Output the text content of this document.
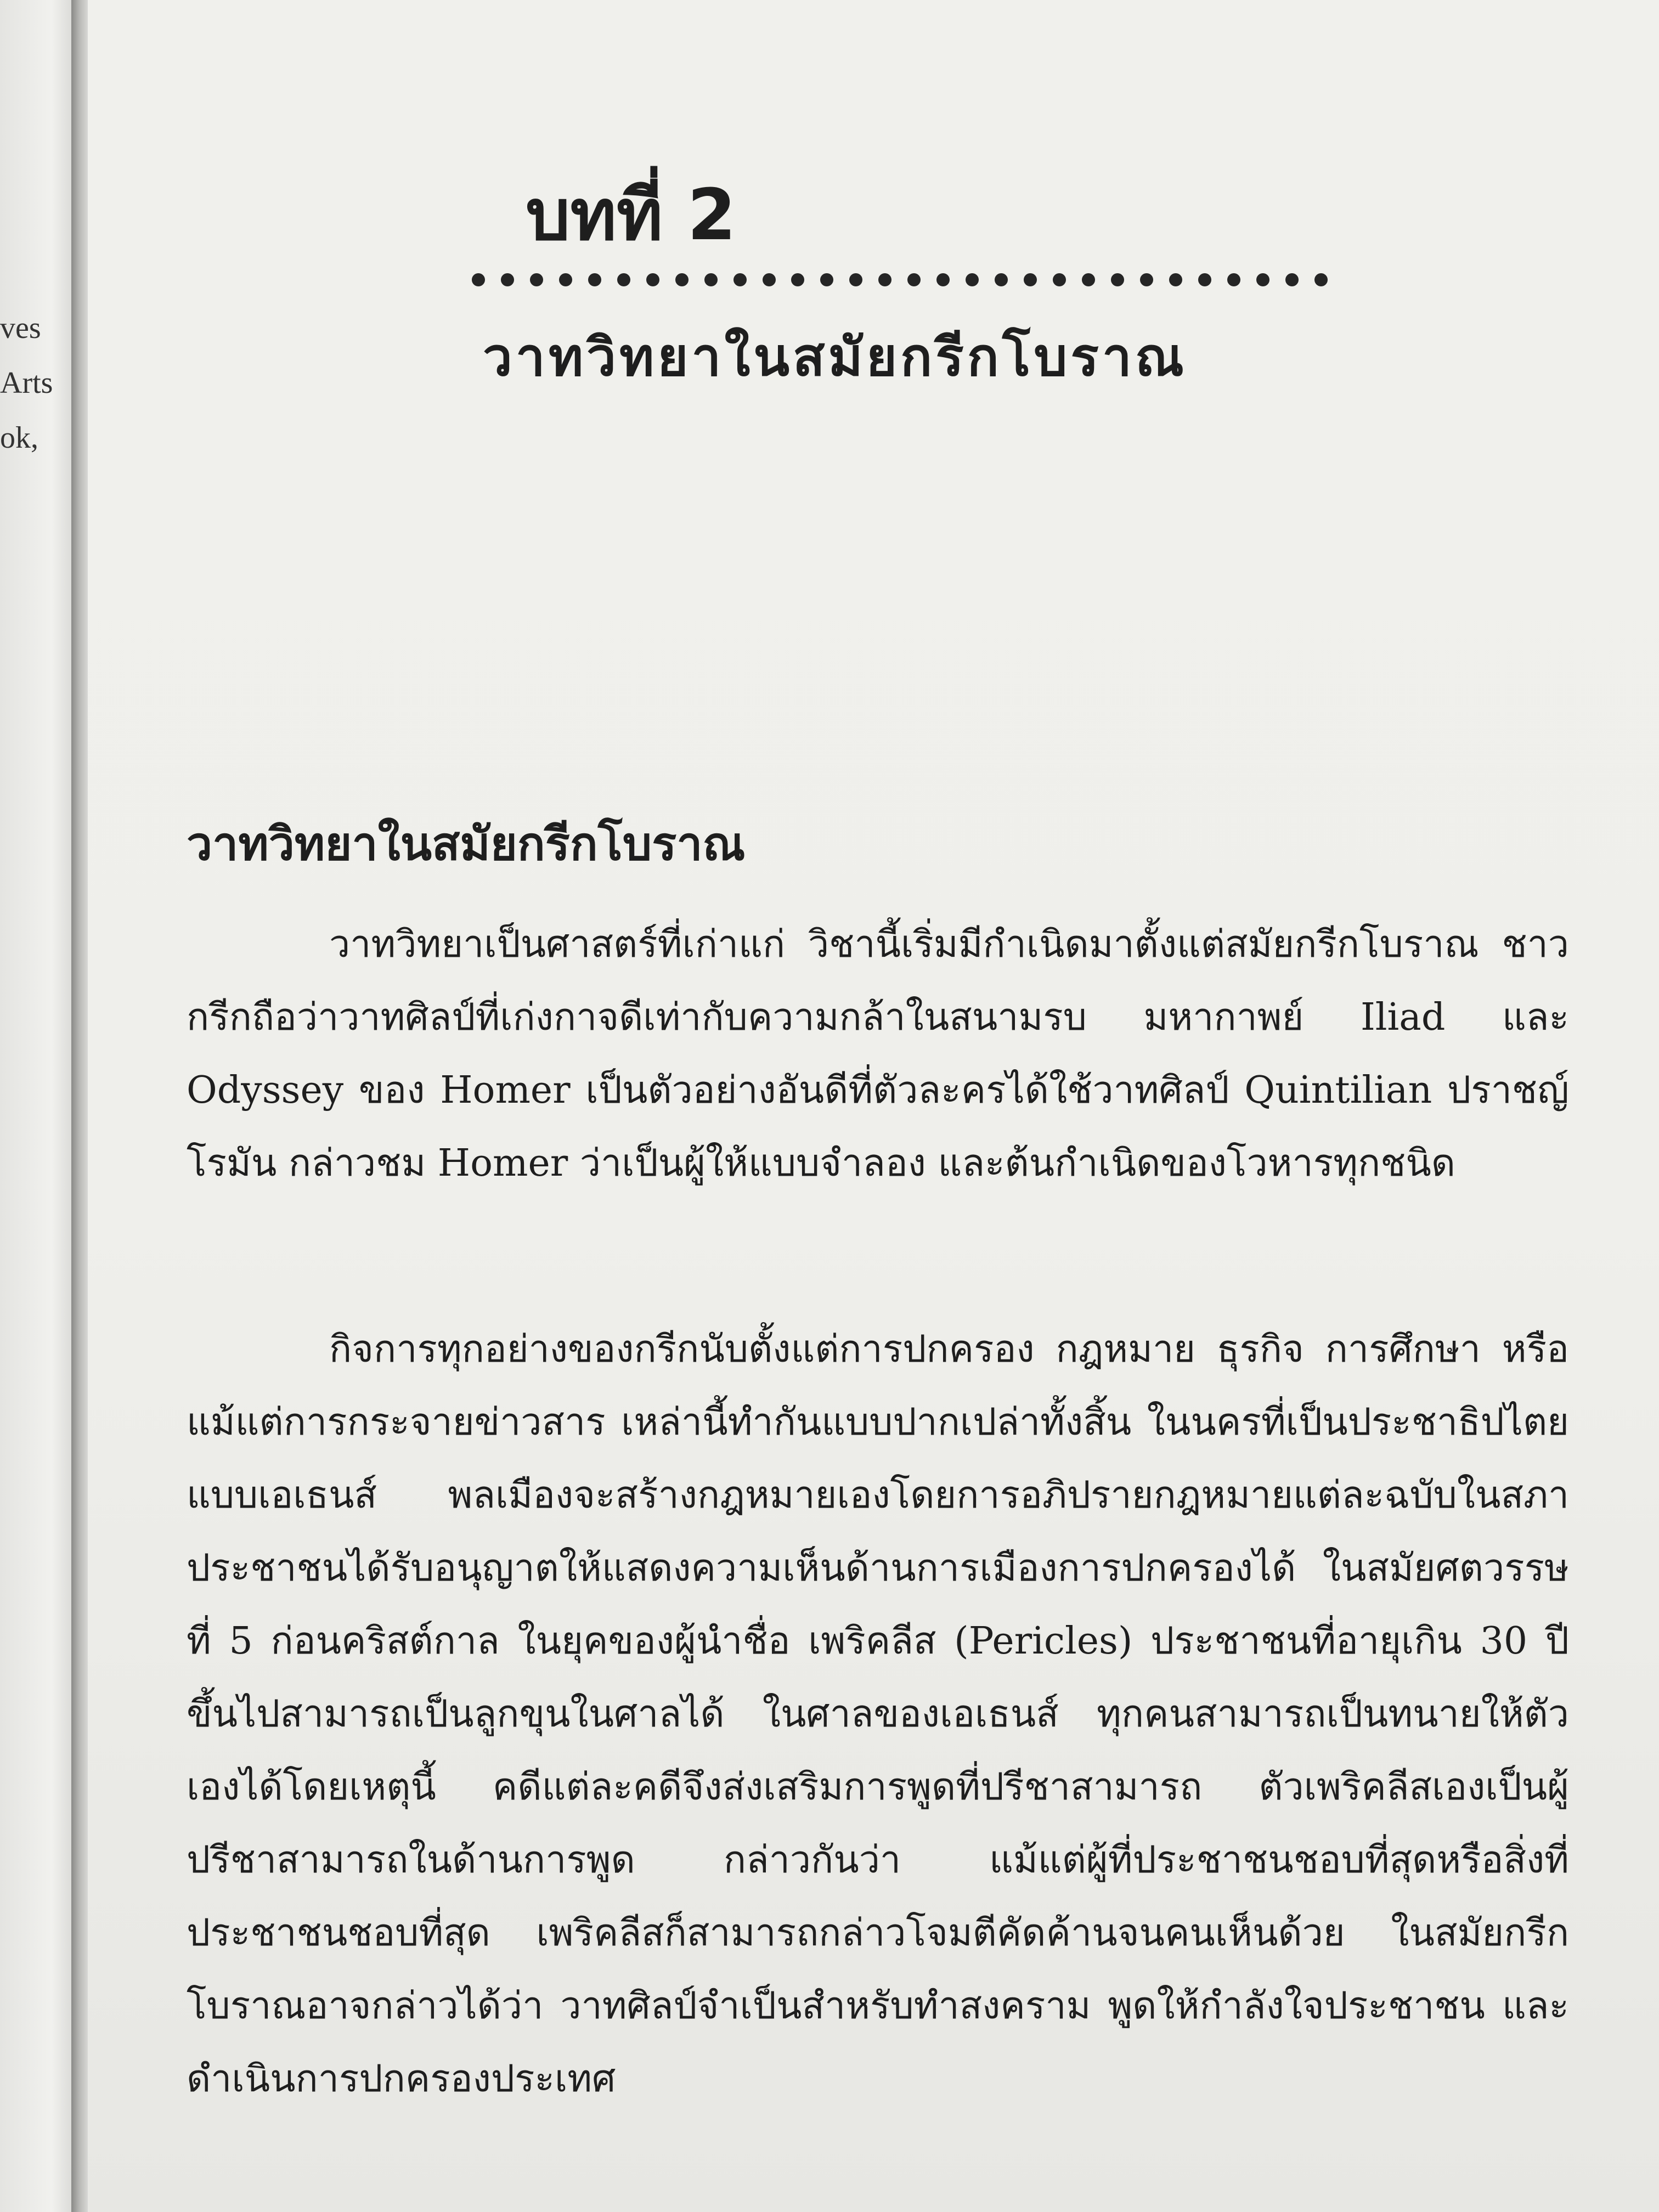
ves
Arts
ok,
บทที่ 2
วาทวิทยาในสมัยกรีกโบราณ
วาทวิทยาในสมัยกรีกโบราณ

วาทวิทยาเป็นศาสตร์ที่เก่าแก่ วิชานี้เริ่มมีกำเนิดมาตั้งแต่สมัยกรีกโบราณ ชาวกรีกถือว่าวาทศิลป์ที่เก่งกาจดีเท่ากับความกล้าในสนามรบ มหากาพย์ Iliad และ Odyssey ของ Homer เป็นตัวอย่างอันดีที่ตัวละครได้ใช้วาทศิลป์ Quintilian ปราชญ์โรมัน กล่าวชม Homer ว่าเป็นผู้ให้แบบจำลอง และต้นกำเนิดของโวหารทุกชนิด

กิจการทุกอย่างของกรีกนับตั้งแต่การปกครอง กฎหมาย ธุรกิจ การศึกษา หรือแม้แต่การกระจายข่าวสาร เหล่านี้ทำกันแบบปากเปล่าทั้งสิ้น ในนครที่เป็นประชาธิปไตยแบบเอเธนส์ พลเมืองจะสร้างกฎหมายเองโดยการอภิปรายกฎหมายแต่ละฉบับในสภา ประชาชนได้รับอนุญาตให้แสดงความเห็นด้านการเมืองการปกครองได้ ในสมัยศตวรรษที่ 5 ก่อนคริสต์กาล ในยุคของผู้นำชื่อ เพริคลีส (Pericles) ประชาชนที่อายุเกิน 30 ปีขึ้นไปสามารถเป็นลูกขุนในศาลได้ ในศาลของเอเธนส์ ทุกคนสามารถเป็นทนายให้ตัวเองได้โดยเหตุนี้ คดีแต่ละคดีจึงส่งเสริมการพูดที่ปรีชาสามารถ ตัวเพริคลีสเองเป็นผู้ปรีชาสามารถในด้านการพูด กล่าวกันว่า แม้แต่ผู้ที่ประชาชนชอบที่สุดหรือสิ่งที่ประชาชนชอบที่สุด เพริคลีสก็สามารถกล่าวโจมตีคัดค้านจนคนเห็นด้วย ในสมัยกรีกโบราณอาจกล่าวได้ว่า วาทศิลป์จำเป็นสำหรับทำสงคราม พูดให้กำลังใจประชาชน และดำเนินการปกครองประเทศ
